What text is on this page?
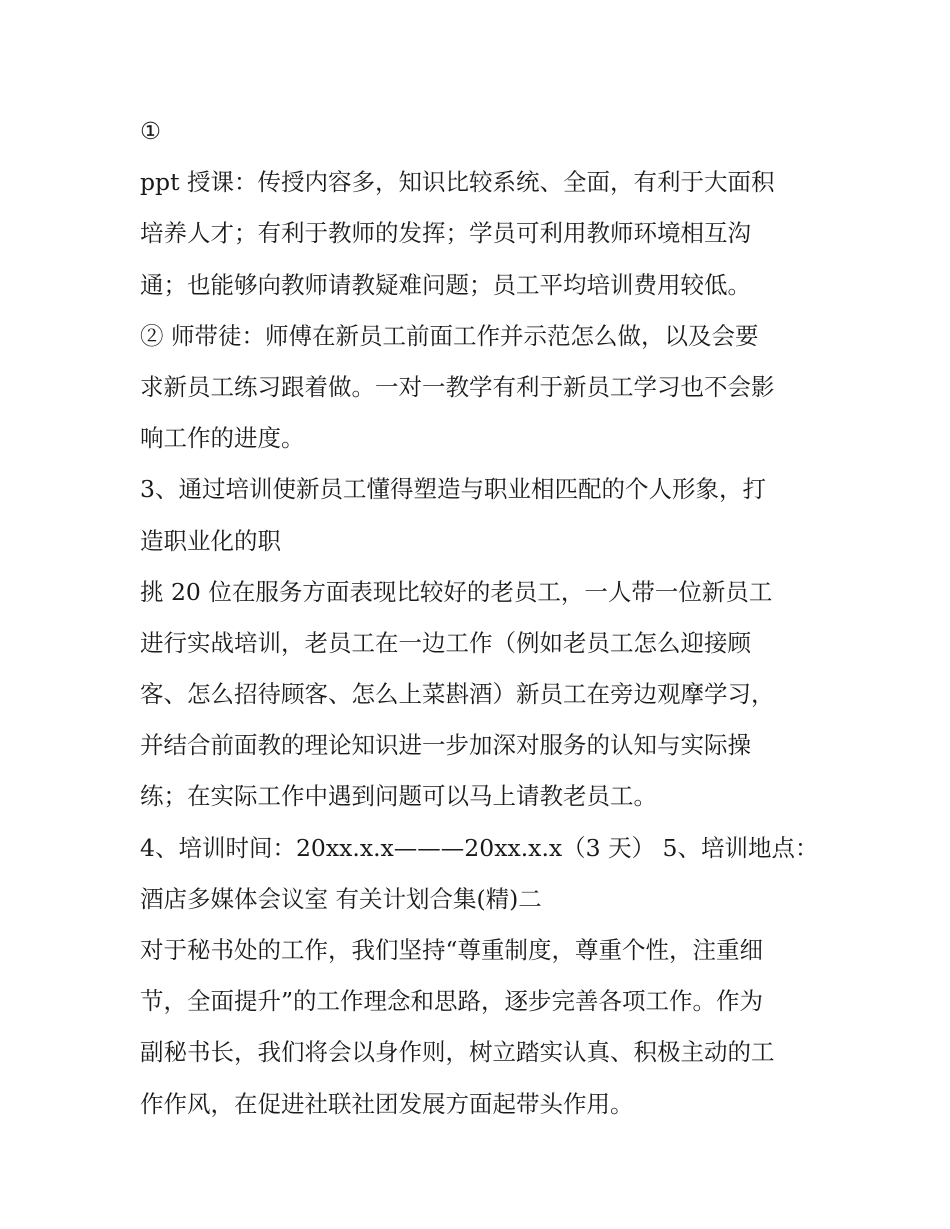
①
ppt 授课：传授内容多，知识比较系统、全面，有利于大面积
培养人才；有利于教师的发挥；学员可利用教师环境相互沟
通；也能够向教师请教疑难问题；员工平均培训费用较低。
② 师带徒：师傅在新员工前面工作并示范怎么做，以及会要
求新员工练习跟着做。一对一教学有利于新员工学习也不会影
响工作的进度。
3、通过培训使新员工懂得塑造与职业相匹配的个人形象，打
造职业化的职
挑 20 位在服务方面表现比较好的老员工，一人带一位新员工
进行实战培训，老员工在一边工作（例如老员工怎么迎接顾
客、怎么招待顾客、怎么上菜斟酒）新员工在旁边观摩学习，
并结合前面教的理论知识进一步加深对服务的认知与实际操
练；在实际工作中遇到问题可以马上请教老员工。
4、培训时间：20xx.x.x———20xx.x.x（3 天） 5、培训地点：
酒店多媒体会议室 有关计划合集(精)二
对于秘书处的工作，我们坚持“尊重制度，尊重个性，注重细
节，全面提升”的工作理念和思路，逐步完善各项工作。作为
副秘书长，我们将会以身作则，树立踏实认真、积极主动的工
作作风，在促进社联社团发展方面起带头作用。
